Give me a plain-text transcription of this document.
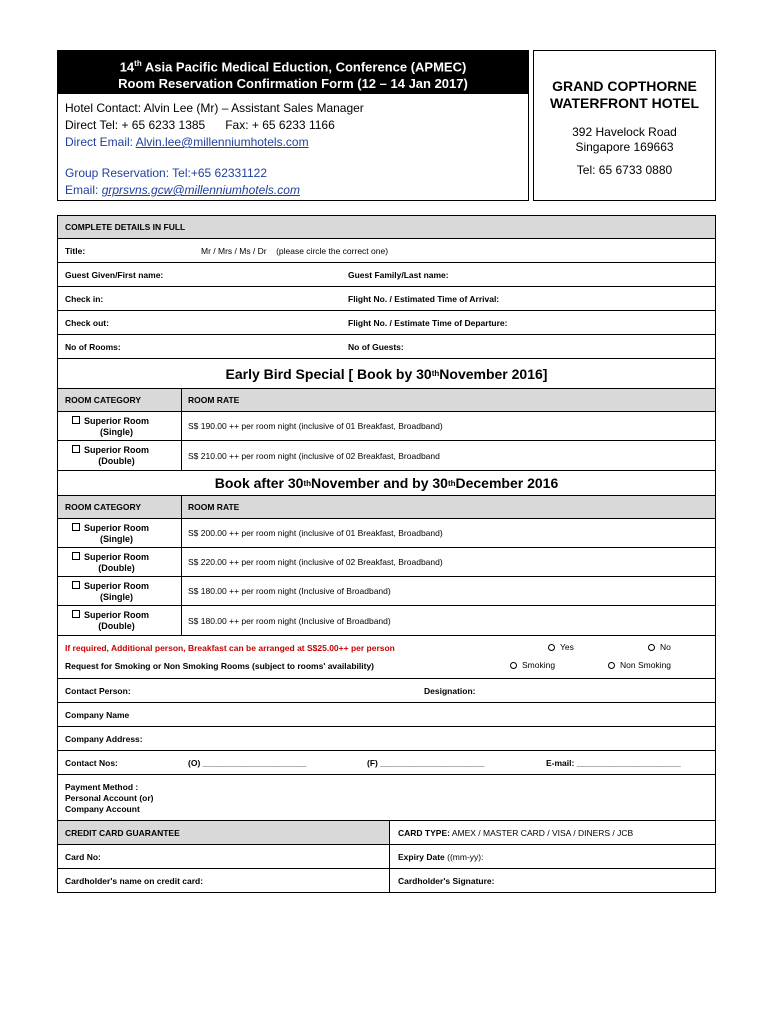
14th Asia Pacific Medical Eduction, Conference (APMEC)
Room Reservation Confirmation Form (12 – 14 Jan 2017)
Hotel Contact: Alvin Lee (Mr) – Assistant Sales Manager
Direct Tel: + 65 6233 1385      Fax: + 65 6233 1166
Direct Email: Alvin.lee@millenniumhotels.com
Group Reservation: Tel:+65 62331122
Email: grprsvns.gcw@millenniumhotels.com
GRAND COPTHORNE
WATERFRONT HOTEL
392 Havelock Road
Singapore 169663
Tel: 65 6733 0880
COMPLETE DETAILS IN FULL
Title:	Mr / Mrs / Ms / Dr    (please circle the correct one)
Guest Given/First name:	Guest Family/Last name:
Check in:	Flight No. / Estimated Time of Arrival:
Check out:	Flight No. / Estimate Time of Departure:
No of Rooms:	No of Guests:
Early Bird Special [ Book by 30 th November 2016]
ROOM CATEGORY	ROOM RATE
Superior Room
(Single)
S$ 190.00 ++ per room night (inclusive of 01 Breakfast, Broadband)
Superior Room
(Double)
S$ 210.00 ++ per room night (inclusive of 02 Breakfast, Broadband
Book after 30 th November and by 30 th December 2016
ROOM CATEGORY	ROOM RATE
Superior Room
(Single)
S$ 200.00 ++ per room night (inclusive of 01 Breakfast, Broadband)
Superior Room
(Double)
S$ 220.00 ++ per room night (inclusive of 02 Breakfast, Broadband)
Superior Room
(Single)
S$ 180.00 ++ per room night (Inclusive of Broadband)
Superior Room
(Double)
S$ 180.00 ++ per room night (Inclusive of Broadband)
If required, Additional person, Breakfast can be arranged at S$25.00++ per person	Yes	No
Request for Smoking or Non Smoking Rooms (subject to rooms' availability)	Smoking	Non Smoking
Contact Person:	Designation:
Company Name
Company Address:
Contact Nos:	(O) ______________________	(F) ______________________	E-mail: ______________________
Payment Method :
Personal Account (or)
Company Account
CREDIT CARD GUARANTEE	CARD TYPE: AMEX / MASTER CARD / VISA / DINERS / JCB
Card No:	Expiry Date ((mm-yy):
Cardholder's name on credit card:	Cardholder's Signature:
